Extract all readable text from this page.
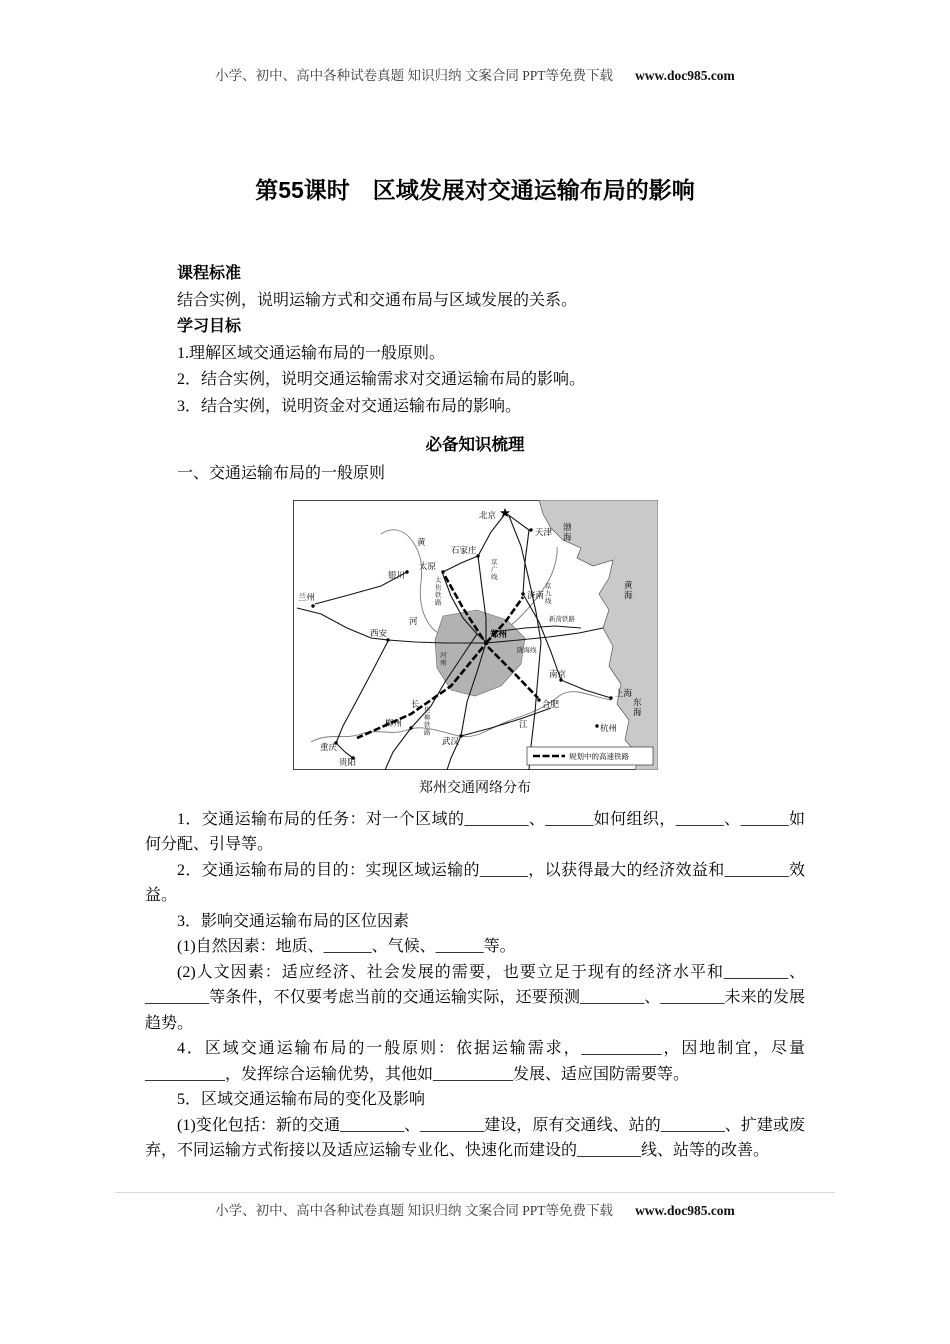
小学、初中、高中各种试卷真题 知识归纳 文案合同 PPT等免费下载 www.doc985.com
第55课时　区域发展对交通运输布局的影响

课程标准

结合实例，说明运输方式和交通布局与区域发展的关系。

学习目标

1.理解区域交通运输布局的一般原则。

2．结合实例，说明交通运输需求对交通运输布局的影响。

3．结合实例，说明资金对交通运输布局的影响。

必备知识梳理

一、交通运输布局的一般原则

北京
天津
石家庄
太原
银川
兰州
西安	郑州
济南
南京
上海
合肥
杭州
武汉
重庆
贵阳
柳州
渤海
黄海
东海
黄
河
长
江
河南
太焦铁路
京广线
京九线
陇海线
新菏铁路
焦柳铁路
规划中的高速铁路

郑州交通网络分布

1．交通运输布局的任务：对一个区域的________、______如何组织，______、______如何分配、引导等。

2．交通运输布局的目的：实现区域运输的______，以获得最大的经济效益和________效益。

3．影响交通运输布局的区位因素

(1)自然因素：地质、______、气候、______等。

(2)人文因素：适应经济、社会发展的需要，也要立足于现有的经济水平和________、________等条件，不仅要考虑当前的交通运输实际，还要预测________、________未来的发展趋势。

4．区域交通运输布局的一般原则：依据运输需求，__________，因地制宜，尽量__________，发挥综合运输优势，其他如__________发展、适应国防需要等。

5．区域交通运输布局的变化及影响

(1)变化包括：新的交通________、________建设，原有交通线、站的________、扩建或废弃，不同运输方式衔接以及适应运输专业化、快速化而建设的________线、站等的改善。

小学、初中、高中各种试卷真题 知识归纳 文案合同 PPT等免费下载 www.doc985.com
